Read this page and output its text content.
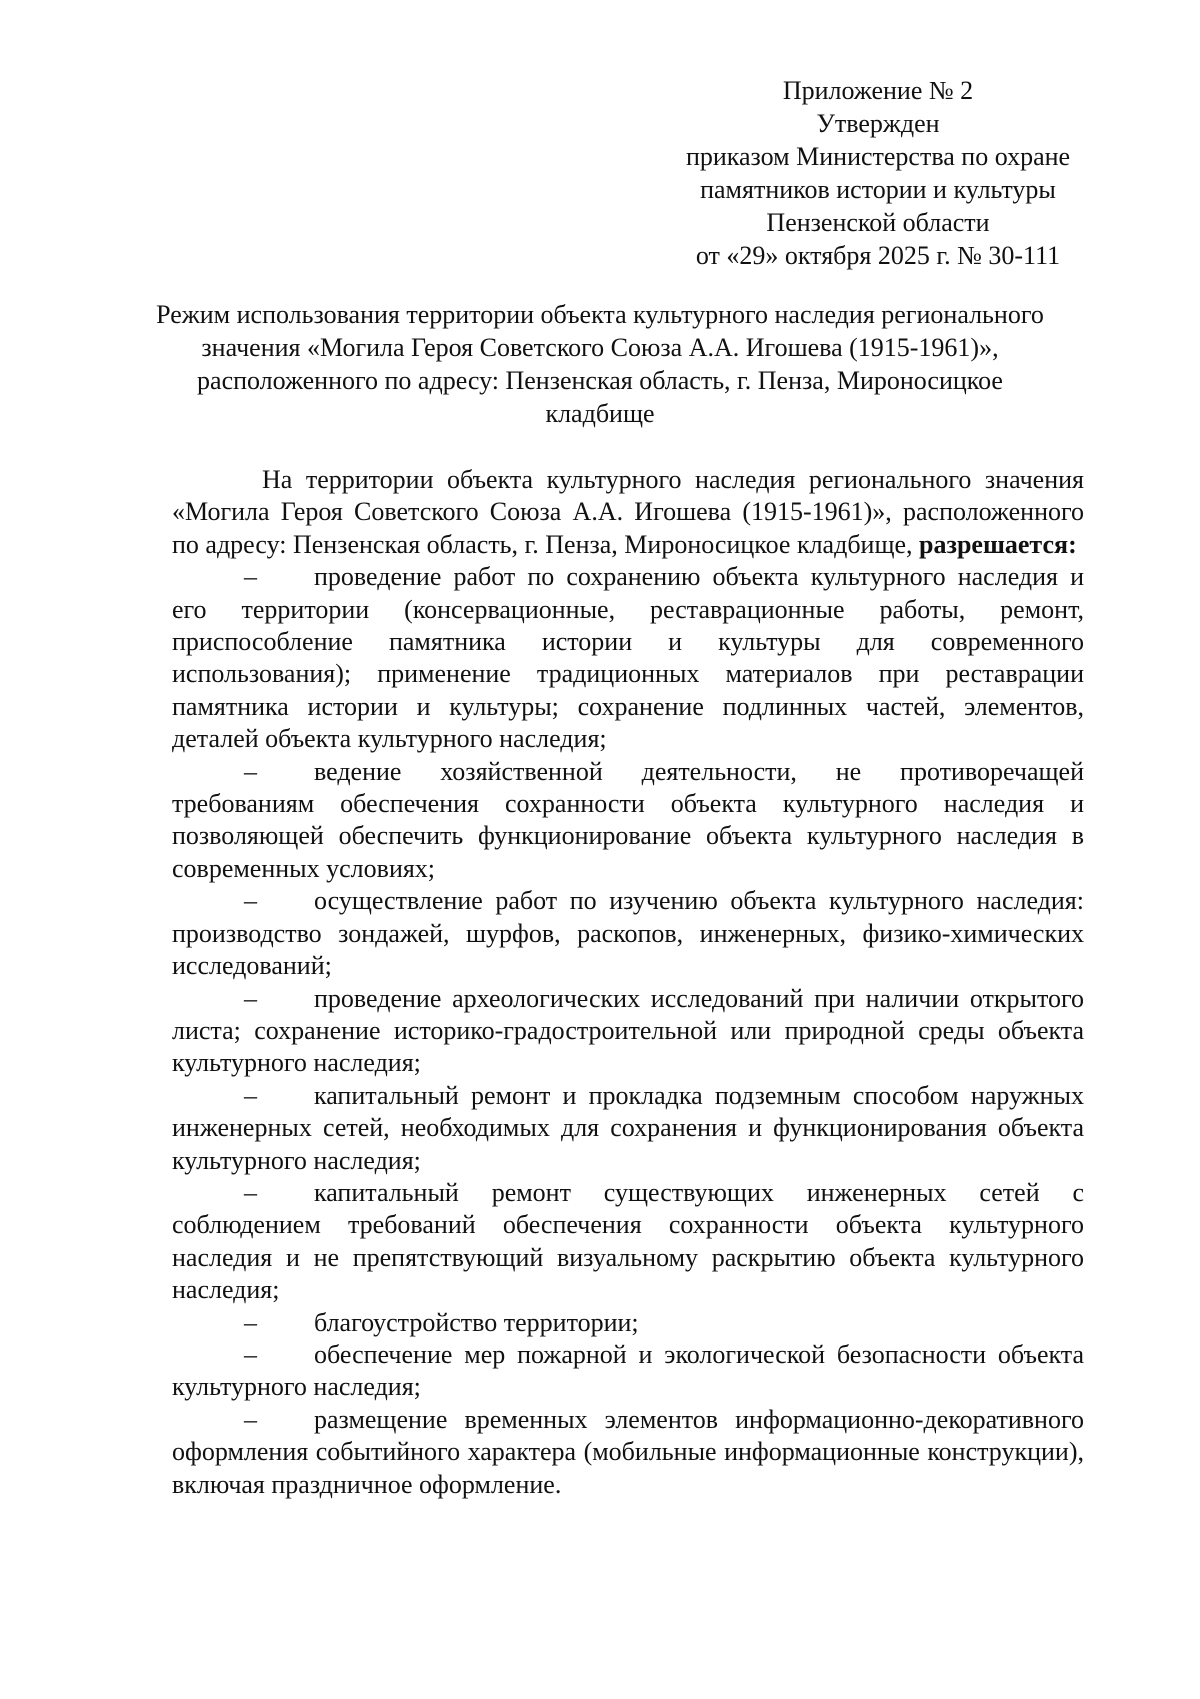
Приложение № 2
Утвержден
приказом Министерства по охране
памятников истории и культуры
Пензенской области
от «29» октября 2025 г. № 30-111
Режим использования территории объекта культурного наследия регионального значения «Могила Героя Советского Союза А.А. Игошева (1915-1961)», расположенного по адресу: Пензенская область, г. Пенза, Мироносицкое кладбище

На территории объекта культурного наследия регионального значения «Могила Героя Советского Союза А.А. Игошева (1915-1961)», расположенного по адресу: Пензенская область, г. Пенза, Мироносицкое кладбище, разрешается:

– проведение работ по сохранению объекта культурного наследия и его территории (консервационные, реставрационные работы, ремонт, приспособление памятника истории и культуры для современного использования); применение традиционных материалов при реставрации памятника истории и культуры; сохранение подлинных частей, элементов, деталей объекта культурного наследия;

– ведение хозяйственной деятельности, не противоречащей требованиям обеспечения сохранности объекта культурного наследия и позволяющей обеспечить функционирование объекта культурного наследия в современных условиях;

– осуществление работ по изучению объекта культурного наследия: производство зондажей, шурфов, раскопов, инженерных, физико-химических исследований;

– проведение археологических исследований при наличии открытого листа; сохранение историко-градостроительной или природной среды объекта культурного наследия;

– капитальный ремонт и прокладка подземным способом наружных инженерных сетей, необходимых для сохранения и функционирования объекта культурного наследия;

– капитальный ремонт существующих инженерных сетей с соблюдением требований обеспечения сохранности объекта культурного наследия и не препятствующий визуальному раскрытию объекта культурного наследия;

– благоустройство территории;

– обеспечение мер пожарной и экологической безопасности объекта культурного наследия;

– размещение временных элементов информационно-декоративного оформления событийного характера (мобильные информационные конструкции), включая праздничное оформление.
